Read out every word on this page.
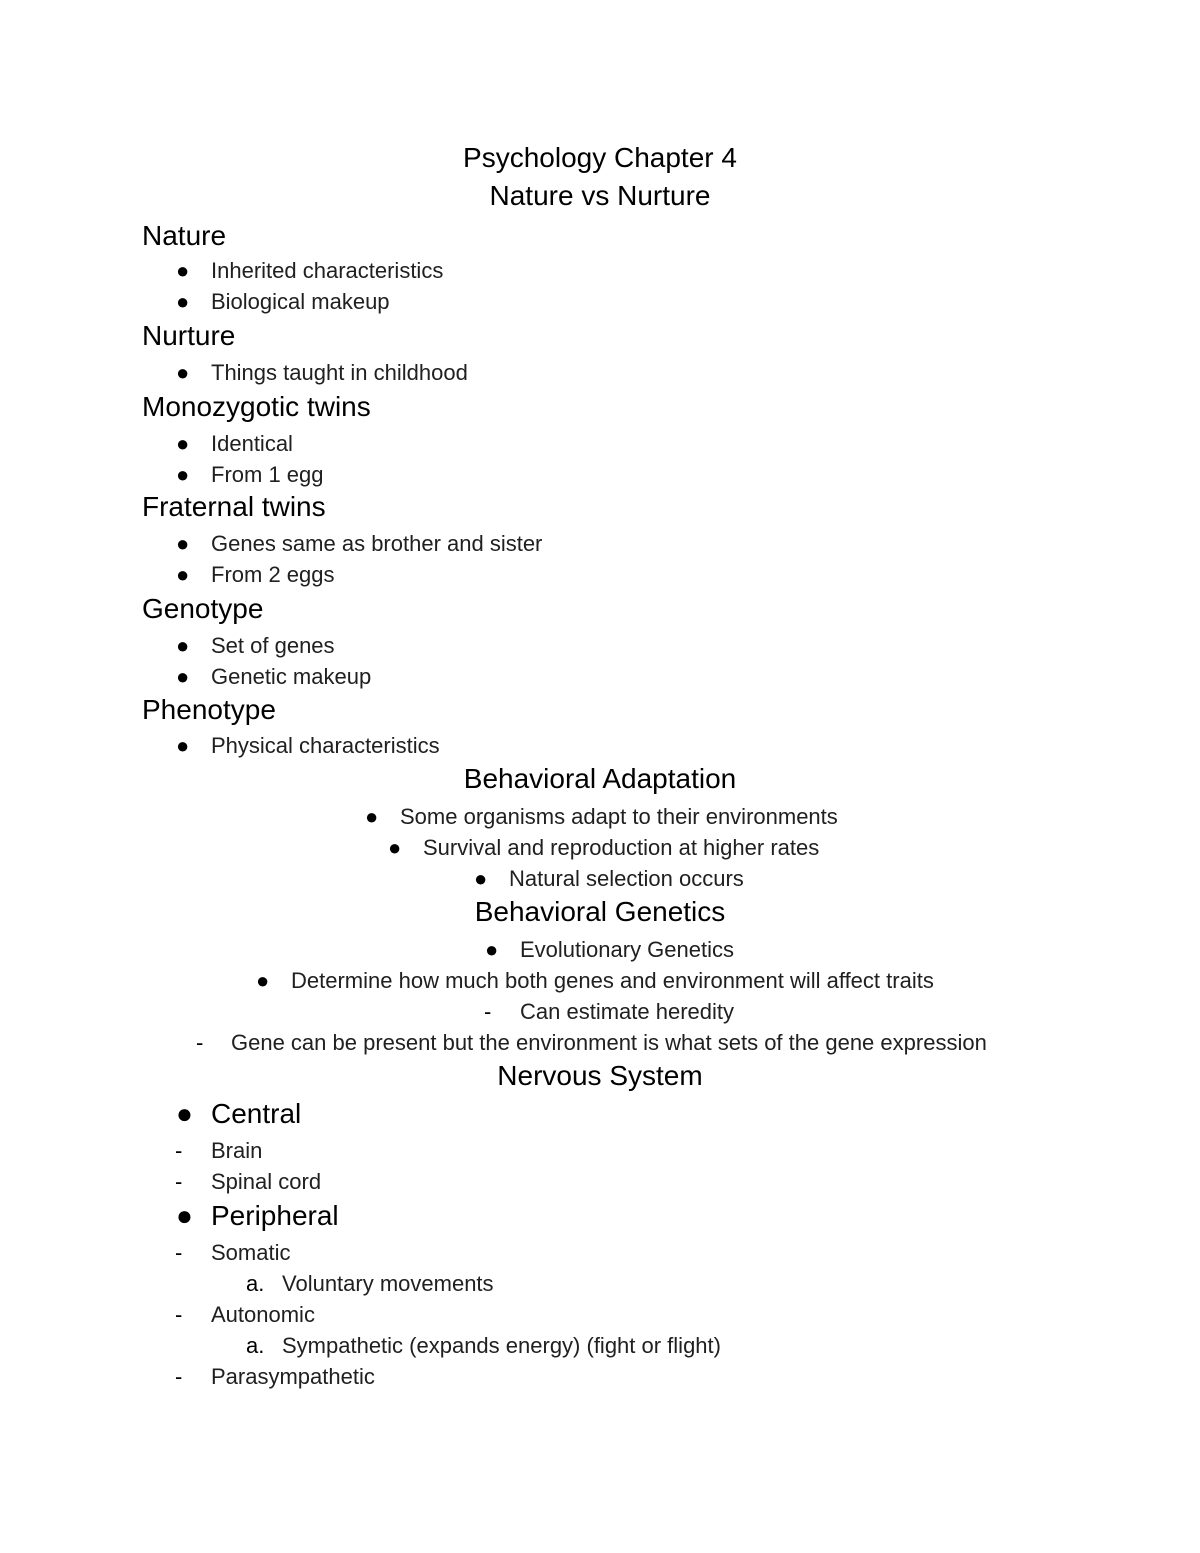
Psychology Chapter 4
Nature vs Nurture
Nature
● Inherited characteristics
● Biological makeup
Nurture
● Things taught in childhood
Monozygotic twins
● Identical
● From 1 egg
Fraternal twins
● Genes same as brother and sister
● From 2 eggs
Genotype
● Set of genes
● Genetic makeup
Phenotype
● Physical characteristics
Behavioral Adaptation
● Some organisms adapt to their environments
● Survival and reproduction at higher rates
● Natural selection occurs
Behavioral Genetics
● Evolutionary Genetics
● Determine how much both genes and environment will affect traits
- Can estimate heredity
- Gene can be present but the environment is what sets of the gene expression
Nervous System
● Central
- Brain
- Spinal cord
● Peripheral
- Somatic
a. Voluntary movements
- Autonomic
a. Sympathetic (expands energy) (fight or flight)
- Parasympathetic
